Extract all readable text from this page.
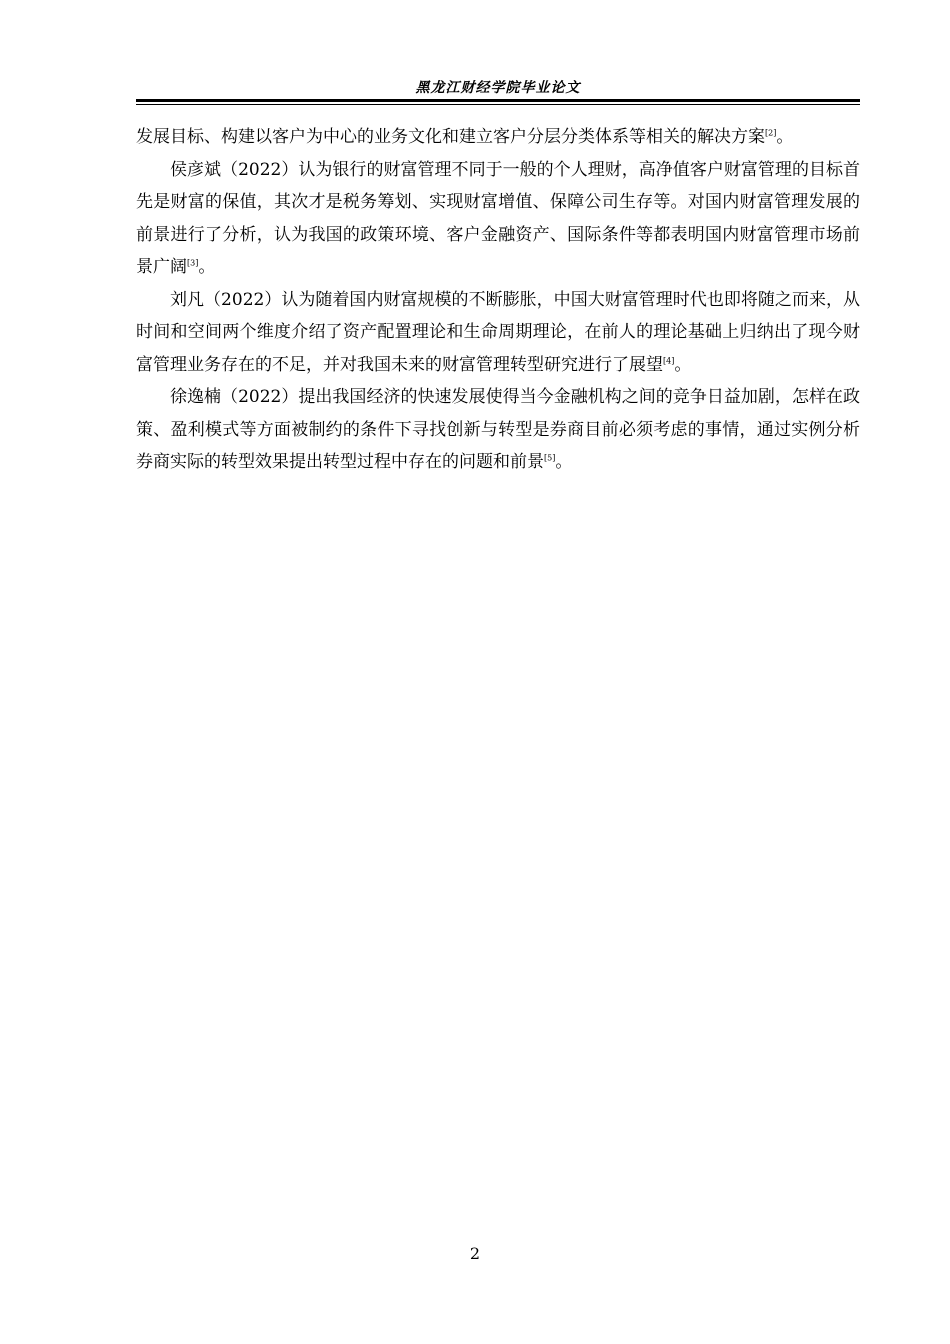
黑龙江财经学院毕业论文

发展目标、构建以客户为中心的业务文化和建立客户分层分类体系等相关的解决方案[2]。

侯彦斌（2022）认为银行的财富管理不同于一般的个人理财，高净值客户财富管理的目标首先是财富的保值，其次才是税务筹划、实现财富增值、保障公司生存等。对国内财富管理发展的前景进行了分析，认为我国的政策环境、客户金融资产、国际条件等都表明国内财富管理市场前景广阔[3]。

刘凡（2022）认为随着国内财富规模的不断膨胀，中国大财富管理时代也即将随之而来，从时间和空间两个维度介绍了资产配置理论和生命周期理论，在前人的理论基础上归纳出了现今财富管理业务存在的不足，并对我国未来的财富管理转型研究进行了展望[4]。

徐逸楠（2022）提出我国经济的快速发展使得当今金融机构之间的竞争日益加剧，怎样在政策、盈利模式等方面被制约的条件下寻找创新与转型是券商目前必须考虑的事情，通过实例分析券商实际的转型效果提出转型过程中存在的问题和前景[5]。

2
